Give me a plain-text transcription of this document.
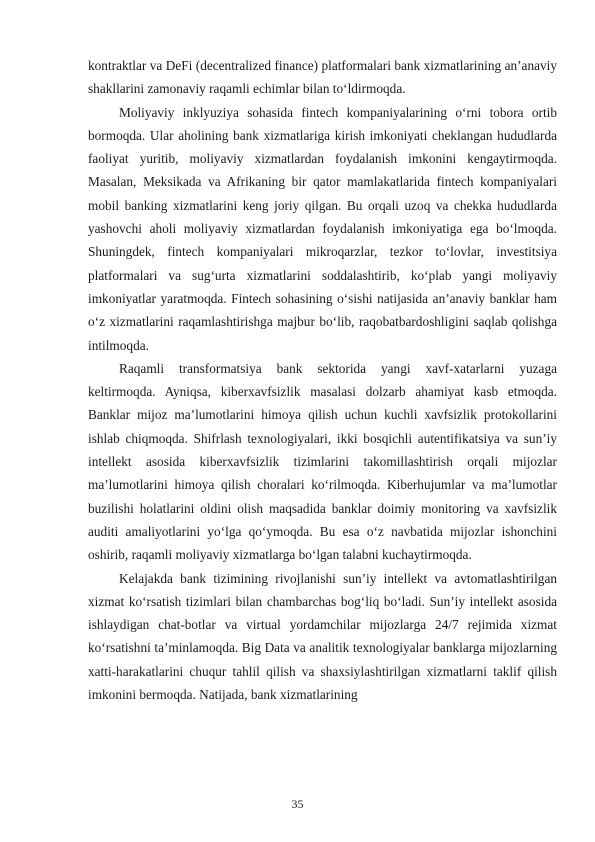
kontraktlar va DeFi (decentralized finance) platformalari bank xizmatlarining an’anaviy shakllarini zamonaviy raqamli echimlar bilan to‘ldirmoqda.

Moliyaviy inklyuziya sohasida fintech kompaniyalarining o‘rni tobora ortib bormoqda. Ular aholining bank xizmatlariga kirish imkoniyati cheklangan hududlarda faoliyat yuritib, moliyaviy xizmatlardan foydalanish imkonini kengaytirmoqda. Masalan, Meksikada va Afrikaning bir qator mamlakatlarida fintech kompaniyalari mobil banking xizmatlarini keng joriy qilgan. Bu orqali uzoq va chekka hududlarda yashovchi aholi moliyaviy xizmatlardan foydalanish imkoniyatiga ega bo‘lmoqda. Shuningdek, fintech kompaniyalari mikroqarzlar, tezkor to‘lovlar, investitsiya platformalari va sug‘urta xizmatlarini soddalashtirib, ko‘plab yangi moliyaviy imkoniyatlar yaratmoqda. Fintech sohasining o‘sishi natijasida an’anaviy banklar ham o‘z xizmatlarini raqamlashtirishga majbur bo‘lib, raqobatbardoshligini saqlab qolishga intilmoqda.

Raqamli transformatsiya bank sektorida yangi xavf-xatarlarni yuzaga keltirmoqda. Ayniqsa, kiberxavfsizlik masalasi dolzarb ahamiyat kasb etmoqda. Banklar mijoz ma’lumotlarini himoya qilish uchun kuchli xavfsizlik protokollarini ishlab chiqmoqda. Shifrlash texnologiyalari, ikki bosqichli autentifikatsiya va sun’iy intellekt asosida kiberxavfsizlik tizimlarini takomillashtirish orqali mijozlar ma’lumotlarini himoya qilish choralari ko‘rilmoqda. Kiberhujumlar va ma’lumotlar buzilishi holatlarini oldini olish maqsadida banklar doimiy monitoring va xavfsizlik auditi amaliyotlarini yo‘lga qo‘ymoqda. Bu esa o‘z navbatida mijozlar ishonchini oshirib, raqamli moliyaviy xizmatlarga bo‘lgan talabni kuchaytirmoqda.

Kelajakda bank tizimining rivojlanishi sun’iy intellekt va avtomatlashtirilgan xizmat ko‘rsatish tizimlari bilan chambarchas bog‘liq bo‘ladi. Sun’iy intellekt asosida ishlaydigan chat-botlar va virtual yordamchilar mijozlarga 24/7 rejimida xizmat ko‘rsatishni ta’minlamoqda. Big Data va analitik texnologiyalar banklarga mijozlarning xatti-harakatlarini chuqur tahlil qilish va shaxsiylashtirilgan xizmatlarni taklif qilish imkonini bermoqda. Natijada, bank xizmatlarining

35
